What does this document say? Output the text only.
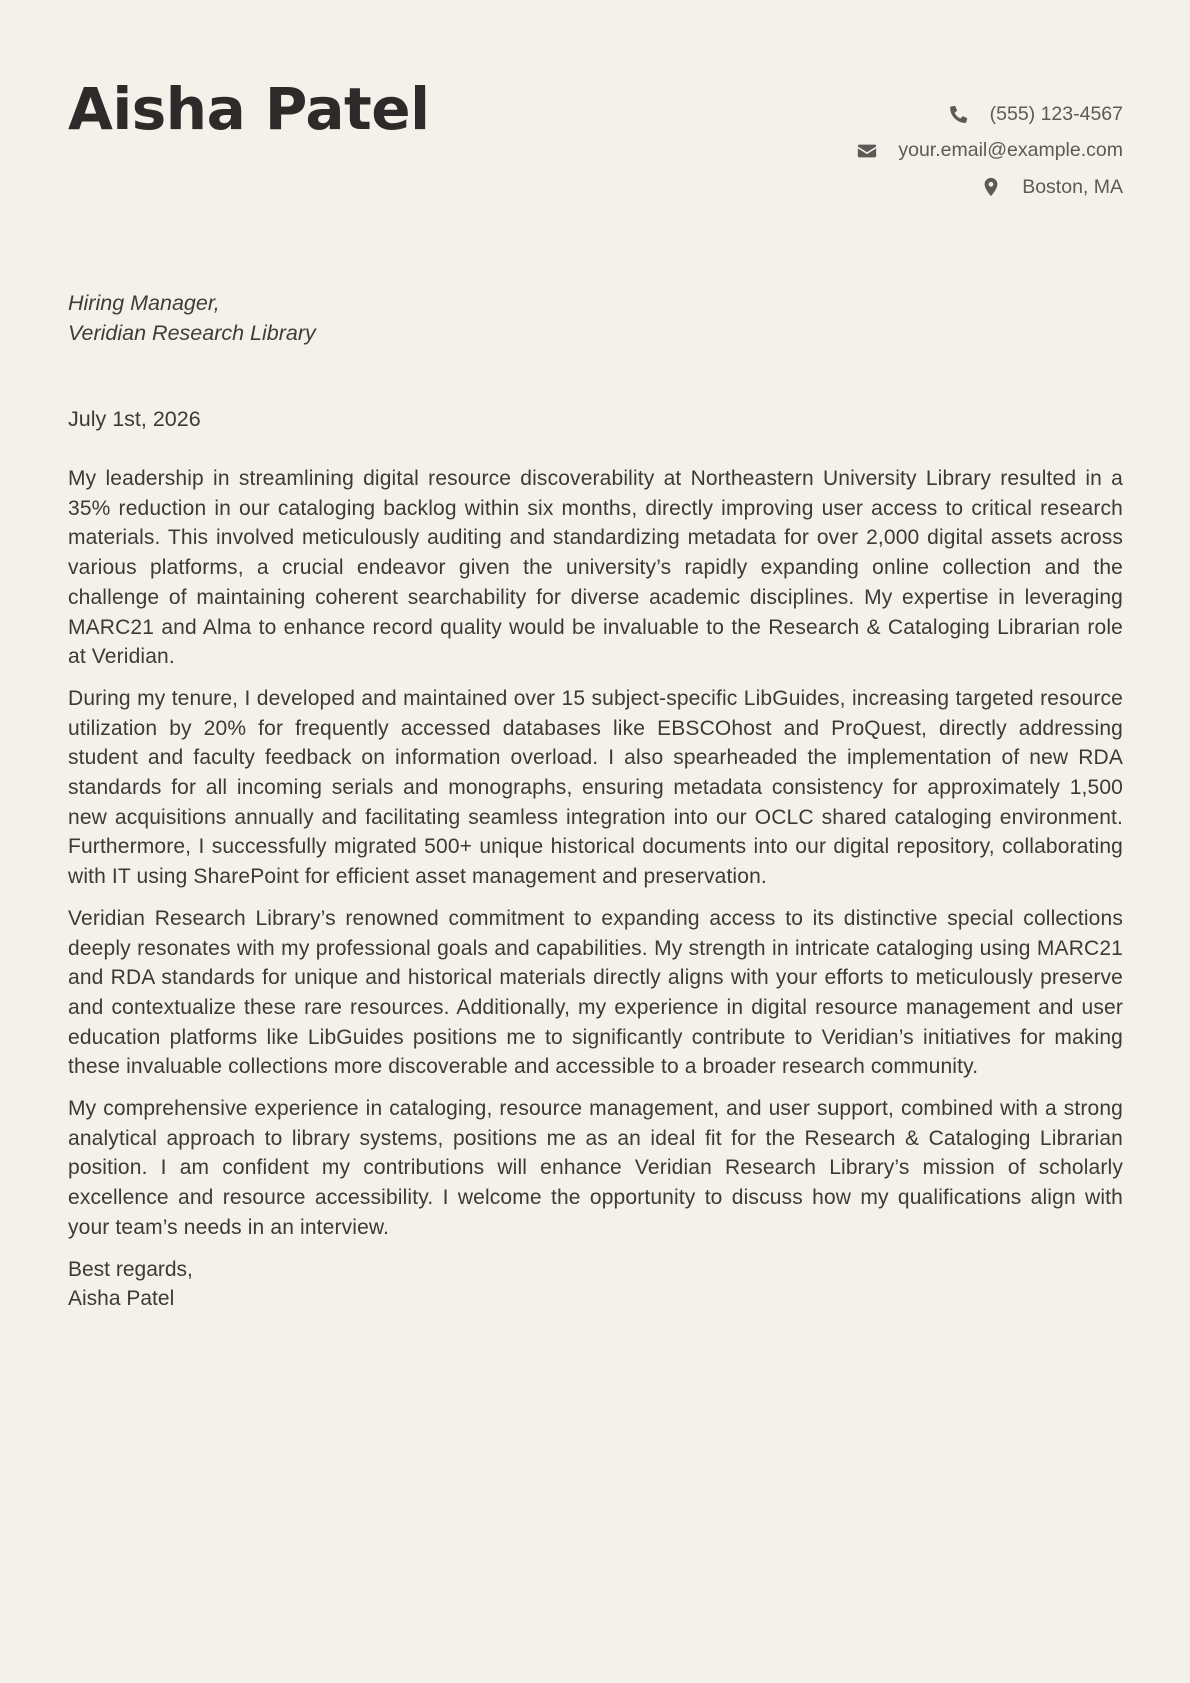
Aisha Patel	(555) 123-4567
your.email@example.com
Boston, MA
Hiring Manager,
Veridian Research Library
July 1st, 2026

My leadership in streamlining digital resource discoverability at Northeastern University Library resulted in a 35% reduction in our cataloging backlog within six months, directly improving user access to critical research materials. This involved meticulously auditing and standardizing metadata for over 2,000 digital assets across various platforms, a crucial endeavor given the university’s rapidly expanding online collection and the challenge of maintaining coherent searchability for diverse academic disciplines. My expertise in leveraging MARC21 and Alma to enhance record quality would be invaluable to the Research & Cataloging Librarian role at Veridian.

During my tenure, I developed and maintained over 15 subject-specific LibGuides, increasing targeted resource utilization by 20% for frequently accessed databases like EBSCOhost and ProQuest, directly addressing student and faculty feedback on information overload. I also spearheaded the implementation of new RDA standards for all incoming serials and monographs, ensuring metadata consistency for approximately 1,500 new acquisitions annually and facilitating seamless integration into our OCLC shared cataloging environment. Furthermore, I successfully migrated 500+ unique historical documents into our digital repository, collaborating with IT using SharePoint for efficient asset management and preservation.

Veridian Research Library’s renowned commitment to expanding access to its distinctive special collections deeply resonates with my professional goals and capabilities. My strength in intricate cataloging using MARC21 and RDA standards for unique and historical materials directly aligns with your efforts to meticulously preserve and contextualize these rare resources. Additionally, my experience in digital resource management and user education platforms like LibGuides positions me to significantly contribute to Veridian’s initiatives for making these invaluable collections more discoverable and accessible to a broader research community.

My comprehensive experience in cataloging, resource management, and user support, combined with a strong analytical approach to library systems, positions me as an ideal fit for the Research & Cataloging Librarian position. I am confident my contributions will enhance Veridian Research Library’s mission of scholarly excellence and resource accessibility. I welcome the opportunity to discuss how my qualifications align with your team’s needs in an interview.

Best regards,
Aisha Patel
